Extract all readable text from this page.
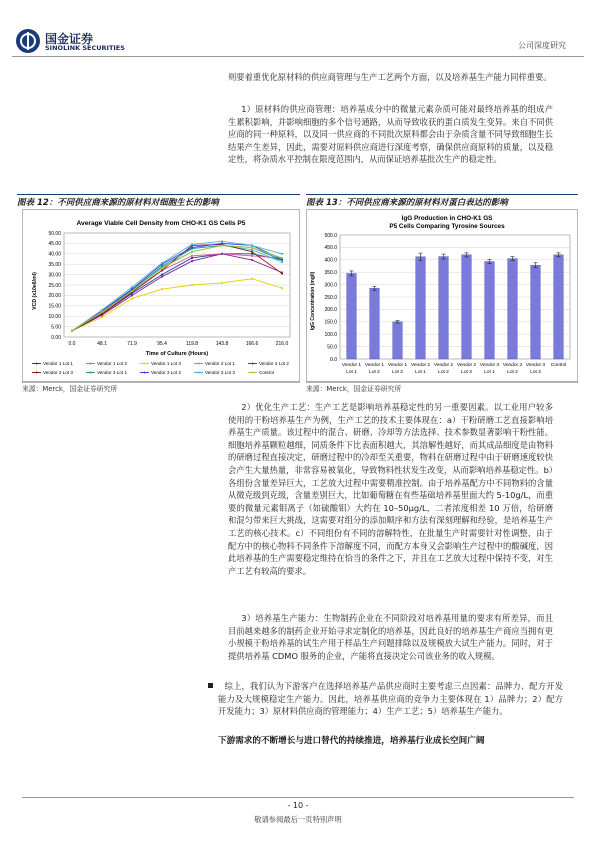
国金证券
SINOLINK SECURITIES	公司深度研究

则要着重优化原材料的供应商管理与生产工艺两个方面，以及培养基生产能力同样重要。

1）原材料的供应商管理：培养基成分中的微量元素杂质可能对最终培养基的组成产生累积影响，并影响细胞的多个信号通路，从而导致收获的蛋白质发生变异。来自不同供应商的同一种原料，以及同一供应商的不同批次原料都会由于杂质含量不同导致细胞生长结果产生差异，因此，需要对原料供应商进行深度考察，确保供应商原料的质量，以及稳定性，将杂质水平控制在限度范围内，从而保证培养基批次生产的稳定性。

图表 12：不同供应商来源的原材料对细胞生长的影响	图表 13：不同供应商来源的原材料对蛋白表达的影响
Average Viable Cell Density from CHO-K1 GS Cells P5
0.00
5.00
10.00
15.00
20.00
25.00
30.00
35.00
40.00
45.00
50.00
0.0	48.1	71.9	95.4	119.8	143.8	166.6	216.0
Time of Culture (Hours)
VCD (x10e6/ml)
Vendor 1 Lot 1	Vendor 1 Lot 2	Vendor 1 Lot 3	Vendor 2 Lot 1	Vendor 2 Lot 2
Vendor 2 Lot 3	Vendor 3 Lot 1	Vendor 3 Lot 2	Vendor 3 Lot 3	Control
IgG Production in CHO-K1 GS
P5 Cells Comparing Tyrosine Sources
0.0
50.0
100.0
150.0
200.0
250.0
300.0
350.0
400.0
450.0
500.0
Vendor 1
Lot 1
Vendor 1
Lot 2
Vendor 1
Lot 3
Vendor 2
Lot 1
Vendor 2
Lot 2
Vendor 2
Lot 3
Vendor 3
Lot 1
Vendor 3
Lot 2
Vendor 3
Lot 3
Control
IgG Concentration (mg/l)
来源：Merck，国金证券研究所	来源：Merck，国金证券研究所

2）优化生产工艺：生产工艺是影响培养基稳定性的另一重要因素。以工业用户较多使用的干粉培养基生产为例，生产工艺的技术主要体现在：a）干粉研磨工艺直接影响培养基生产质量。该过程中的混合、研磨、冷却等方法选择、技术参数显著影响干粉性能。细胞培养基颗粒越细，同质条件下比表面积越大，其溶解性越好，而其成品细度是由物料的研磨过程直接决定，研磨过程中的冷却至关重要，物料在研磨过程中由于研磨速度较快会产生大量热量，非常容易被氧化，导致物料性状发生改变，从而影响培养基稳定性。b）各组份含量差异巨大，工艺放大过程中需要精准控制。由于培养基配方中不同物料的含量从微克级到克级，含量差别巨大，比如葡萄糖在有些基础培养基里面大约 5-10g/L，而重要的微量元素钼离子（如硫酸钼）大约在 10–50μg/L，二者浓度相差 10 万倍，给研磨和混匀带来巨大挑战，这需要对组分的添加顺序和方法有深刻理解和经验，是培养基生产工艺的核心技术。c）不同组份有不同的溶解特性，在批量生产时需要针对性调整，由于配方中的核心物料不同条件下溶解度不同，而配方本身又会影响生产过程中的酸碱度，因此培养基的生产需要稳定维持在恰当的条件之下，并且在工艺放大过程中保持不变，对生产工艺有较高的要求。

3）培养基生产能力：生物制药企业在不同阶段对培养基用量的要求有所差异，而且目前越来越多的制药企业开始寻求定制化的培养基，因此良好的培养基生产商应当拥有更小规模干粉培养基的试生产用于样品生产问题排除以及规模放大试生产能力。同时，对于提供培养基 CDMO 服务的企业，产能将直接决定公司该业务的收入规模。

综上，我们认为下游客户在选择培养基产品供应商时主要考虑三点因素：品牌力、配方开发能力及大规模稳定生产能力。因此，培养基供应商的竞争力主要体现在 1）品牌力；2）配方开发能力；3）原材料供应商的管理能力；4）生产工艺；5）培养基生产能力。

下游需求的不断增长与进口替代的持续推进，培养基行业成长空间广阔
- 10 -
敬请参阅最后一页特别声明
